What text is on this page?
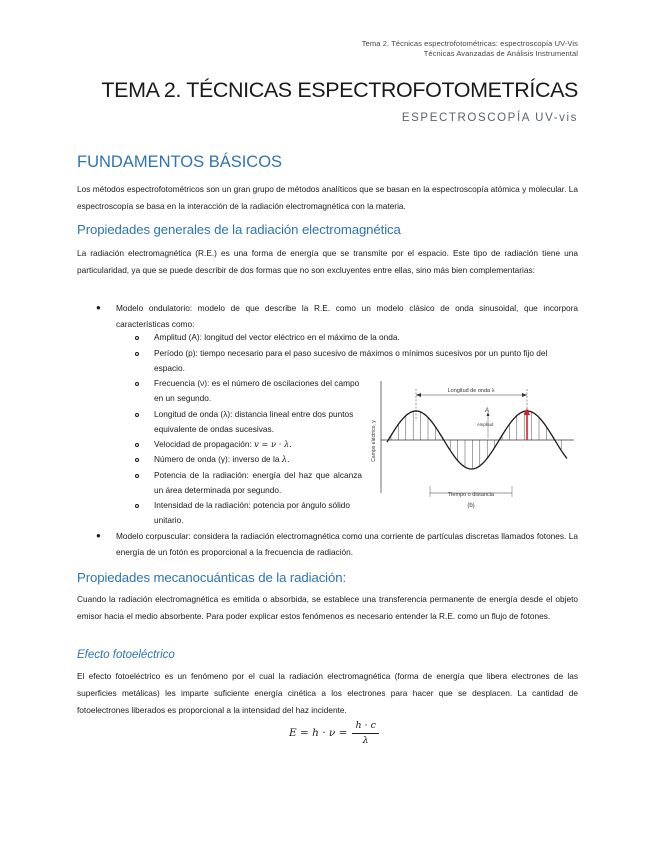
Tema 2. Técnicas espectrofotométricas: espectroscopía UV-Vis
Técnicas Avanzadas de Análisis Instrumental
TEMA 2. TÉCNICAS ESPECTROFOTOMETRÍCAS
ESPECTROSCOPÍA UV-vis
FUNDAMENTOS BÁSICOS
Los métodos espectrofotométricos son un gran grupo de métodos analíticos que se basan en la espectroscopía atómica y molecular. La espectroscopía se basa en la interacción de la radiación electromagnética con la materia.
Propiedades generales de la radiación electromagnética
La radiación electromagnética (R.E.) es una forma de energía que se transmite por el espacio. Este tipo de radiación tiene una particularidad, ya que se puede describir de dos formas que no son excluyentes entre ellas, sino más bien complementarias:
● Modelo ondulatorio: modelo de que describe la R.E. como un modelo clásico de onda sinusoidal, que incorpora características como:
Amplitud (A): longitud del vector eléctrico en el máximo de la onda.
Período (p): tiempo necesario para el paso sucesivo de máximos o mínimos sucesivos por un punto fijo del espacio.
Frecuencia (ν): es el número de oscilaciones del campo en un segundo.
Longitud de onda (λ): distancia lineal entre dos puntos equivalente de ondas sucesivas.
Velocidad de propagación: v = ν · λ.
Número de onda (γ): inverso de la λ.
Potencia de la radiación: energía del haz que alcanza un área determinada por segundo.
Intensidad de la radiación: potencia por ángulo sólido unitario.
Longitud de onda λ
A
Amplitud
Campo eléctrico, y
Tiempo o distancia
(b)
● Modelo corpuscular: considera la radiación electromagnética como una corriente de partículas discretas llamados fotones. La energía de un fotón es proporcional a la frecuencia de radiación.
Propiedades mecanocuánticas de la radiación:
Cuando la radiación electromagnética es emitida o absorbida, se establece una transferencia permanente de energía desde el objeto emisor hacia el medio absorbente. Para poder explicar estos fenómenos es necesario entender la R.E. como un flujo de fotones.
Efecto fotoeléctrico
El efecto fotoeléctrico es un fenómeno por el cual la radiación electromagnética (forma de energía que libera electrones de las superficies metálicas) les imparte suficiente energía cinética a los electrones para hacer que se desplacen. La cantidad de fotoelectrones liberados es proporcional a la intensidad del haz incidente.
$E = h \cdot \nu = \frac{h \cdot c}{\lambda}$
